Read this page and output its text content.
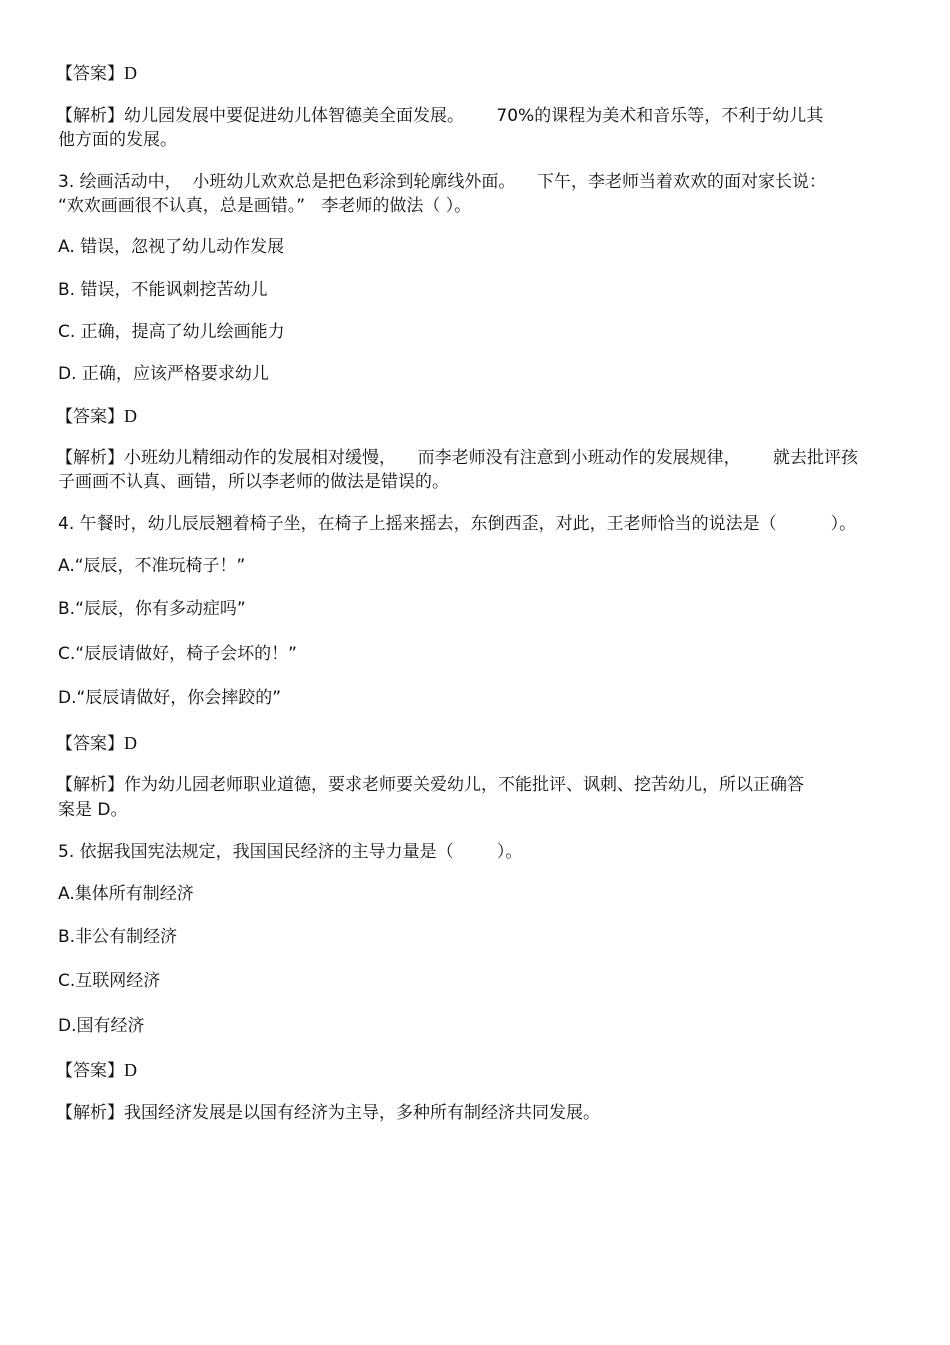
【答案】D
【解析】幼儿园发展中要促进幼儿体智德美全面发展。      70%的课程为美术和音乐等，不利于幼儿其
他方面的发展。
3. 绘画活动中，  小班幼儿欢欢总是把色彩涂到轮廓线外面。    下午，李老师当着欢欢的面对家长说：
“欢欢画画很不认真，总是画错。”   李老师的做法（ ）。
A. 错误，忽视了幼儿动作发展
B. 错误，不能讽刺挖苦幼儿
C. 正确，提高了幼儿绘画能力
D. 正确，应该严格要求幼儿
【答案】D
【解析】小班幼儿精细动作的发展相对缓慢，    而李老师没有注意到小班动作的发展规律，      就去批评孩
子画画不认真、画错，所以李老师的做法是错误的。
4. 午餐时，幼儿辰辰翘着椅子坐，在椅子上摇来摇去，东倒西歪，对此，王老师恰当的说法是（          ）。
A.“辰辰，不准玩椅子！”
B.“辰辰，你有多动症吗”
C.“辰辰请做好，椅子会坏的！”
D.“辰辰请做好，你会摔跤的”
【答案】D
【解析】作为幼儿园老师职业道德，要求老师要关爱幼儿，不能批评、讽刺、挖苦幼儿，所以正确答
案是 D。
5. 依据我国宪法规定，我国国民经济的主导力量是（        ）。
A.集体所有制经济
B.非公有制经济
C.互联网经济
D.国有经济
【答案】D
【解析】我国经济发展是以国有经济为主导，多种所有制经济共同发展。
